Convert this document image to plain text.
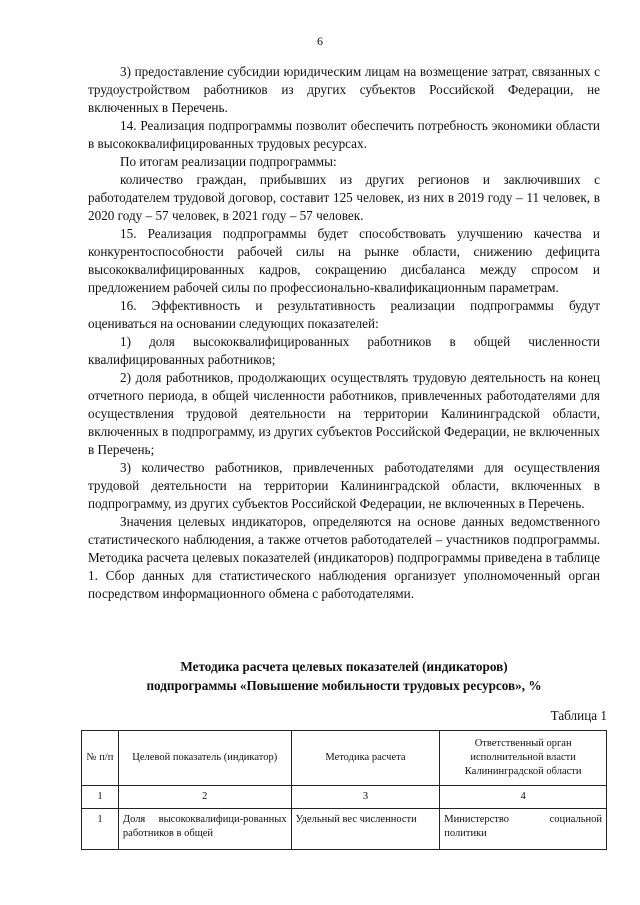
6

3) предоставление субсидии юридическим лицам на возмещение затрат, связанных с трудоустройством работников из других субъектов Российской Федерации, не включенных в Перечень.

14. Реализация подпрограммы позволит обеспечить потребность экономики области в высококвалифицированных трудовых ресурсах.

По итогам реализации подпрограммы:

количество граждан, прибывших из других регионов и заключивших с работодателем трудовой договор, составит 125 человек, из них в 2019 году – 11 человек, в 2020 году – 57 человек, в 2021 году – 57 человек.

15. Реализация подпрограммы будет способствовать улучшению качества и конкурентоспособности рабочей силы на рынке области, снижению дефицита высококвалифицированных кадров, сокращению дисбаланса между спросом и предложением рабочей силы по профессионально-квалификационным параметрам.

16. Эффективность и результативность реализации подпрограммы будут оцениваться на основании следующих показателей:

1) доля высококвалифицированных работников в общей численности квалифицированных работников;

2) доля работников, продолжающих осуществлять трудовую деятельность на конец отчетного периода, в общей численности работников, привлеченных работодателями для осуществления трудовой деятельности на территории Калининградской области, включенных в подпрограмму, из других субъектов Российской Федерации, не включенных в Перечень;

3) количество работников, привлеченных работодателями для осуществления трудовой деятельности на территории Калининградской области, включенных в подпрограмму, из других субъектов Российской Федерации, не включенных в Перечень.

Значения целевых индикаторов, определяются на основе данных ведомственного статистического наблюдения, а также отчетов работодателей – участников подпрограммы. Методика расчета целевых показателей (индикаторов) подпрограммы приведена в таблице 1. Сбор данных для статистического наблюдения организует уполномоченный орган посредством информационного обмена с работодателями.

Методика расчета целевых показателей (индикаторов)
подпрограммы «Повышение мобильности трудовых ресурсов», %
Таблица 1
№ п/п	Целевой показатель (индикатор)	Методика расчета	Ответственный орган исполнительной власти Калининградской области
1	2	3	4
1	Доля высококвалифици-рованных работников в общей	Удельный вес численности	Министерство социальной политики
